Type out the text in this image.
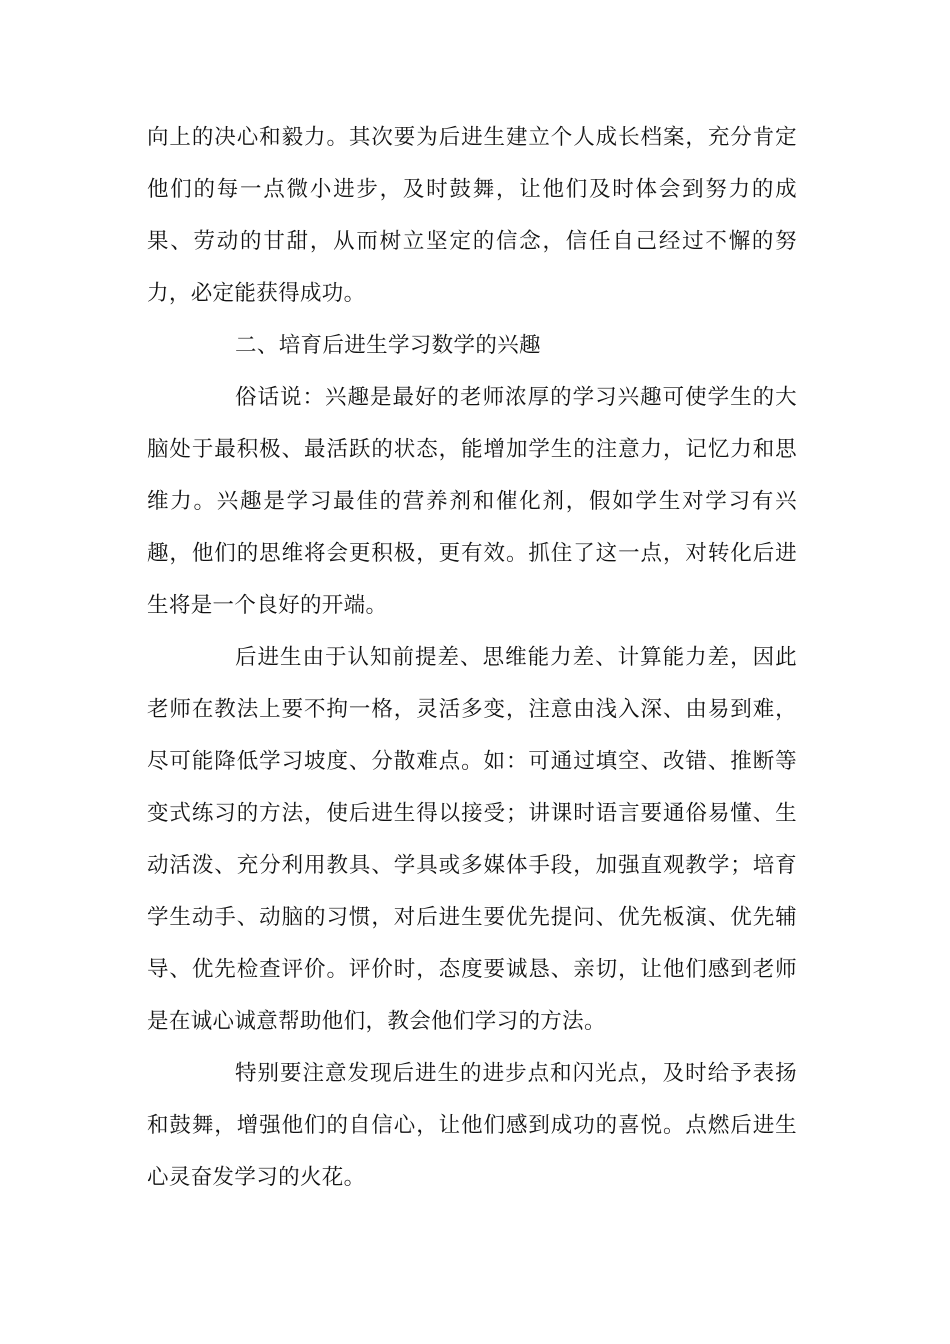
向上的决心和毅力。其次要为后进生建立个人成长档案，充分肯定他们的每一点微小进步，及时鼓舞，让他们及时体会到努力的成果、劳动的甘甜，从而树立坚定的信念，信任自己经过不懈的努力，必定能获得成功。

二、培育后进生学习数学的兴趣

俗话说：兴趣是最好的老师浓厚的学习兴趣可使学生的大脑处于最积极、最活跃的状态，能增加学生的注意力，记忆力和思维力。兴趣是学习最佳的营养剂和催化剂，假如学生对学习有兴趣，他们的思维将会更积极，更有效。抓住了这一点，对转化后进生将是一个良好的开端。

后进生由于认知前提差、思维能力差、计算能力差，因此老师在教法上要不拘一格，灵活多变，注意由浅入深、由易到难，尽可能降低学习坡度、分散难点。如：可通过填空、改错、推断等变式练习的方法，使后进生得以接受；讲课时语言要通俗易懂、生动活泼、充分利用教具、学具或多媒体手段，加强直观教学；培育学生动手、动脑的习惯，对后进生要优先提问、优先板演、优先辅导、优先检查评价。评价时，态度要诚恳、亲切，让他们感到老师是在诚心诚意帮助他们，教会他们学习的方法。

特别要注意发现后进生的进步点和闪光点，及时给予表扬和鼓舞，增强他们的自信心，让他们感到成功的喜悦。点燃后进生心灵奋发学习的火花。
